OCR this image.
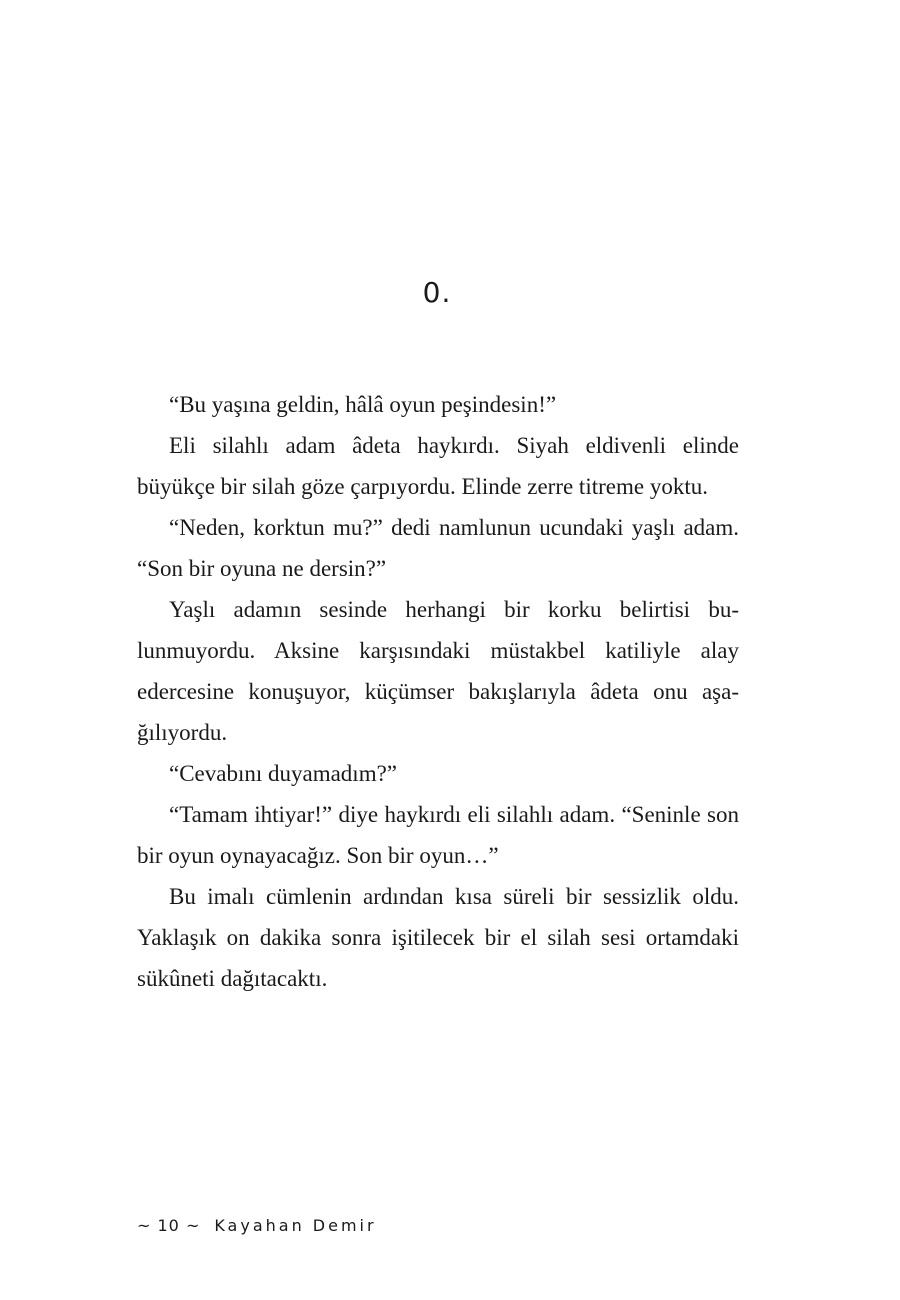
0.

“Bu yaşına geldin, hâlâ oyun peşindesin!”

Eli silahlı adam âdeta haykırdı. Siyah eldivenli elinde büyükçe bir silah göze çarpıyordu. Elinde zerre titreme yoktu.

“Neden, korktun mu?” dedi namlunun ucundaki yaşlı adam. “Son bir oyuna ne dersin?”

Yaşlı adamın sesinde herhangi bir korku belirtisi bulunmuyordu. Aksine karşısındaki müstakbel katiliyle alay edercesine konuşuyor, küçümser bakışlarıyla âdeta onu aşağılıyordu.

“Cevabını duyamadım?”

“Tamam ihtiyar!” diye haykırdı eli silahlı adam. “Seninle son bir oyun oynayacağız. Son bir oyun…”

Bu imalı cümlenin ardından kısa süreli bir sessizlik oldu. Yaklaşık on dakika sonra işitilecek bir el silah sesi ortamdaki sükûneti dağıtacaktı.

~ 10 ~ Kayahan Demir
